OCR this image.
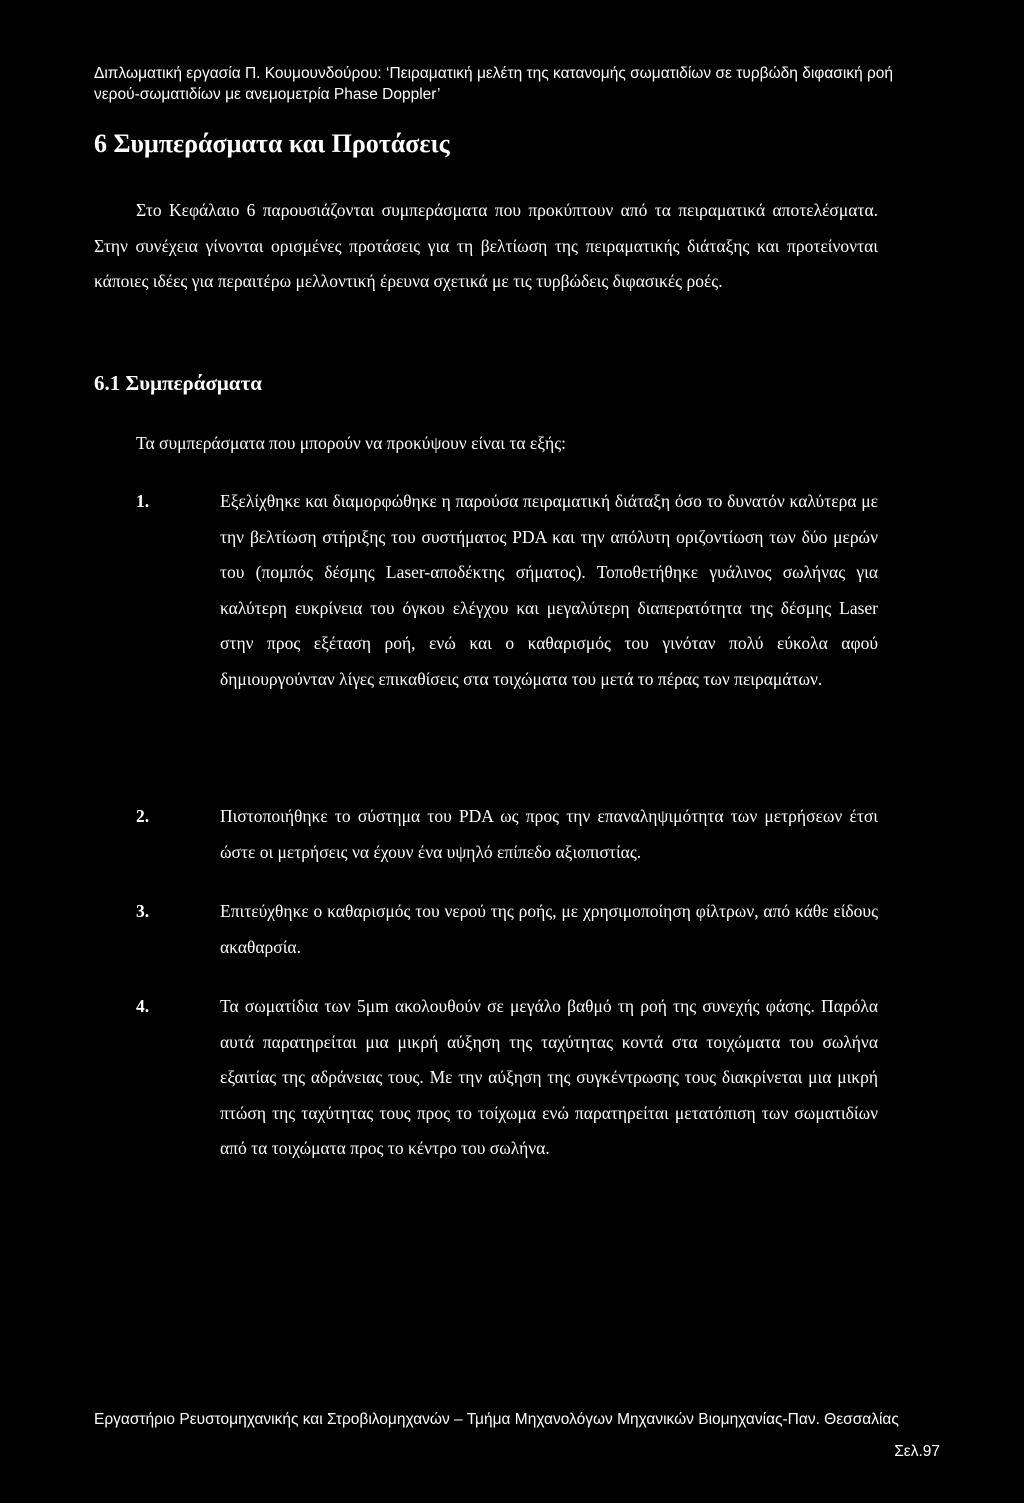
Διπλωματική εργασία Π. Κουμουνδούρου: ‘Πειραματική μελέτη της κατανομής σωματιδίων σε τυρβώδη διφασική ροή
νερού-σωματιδίων με ανεμομετρία Phase Doppler’
6 Συμπεράσματα και Προτάσεις

Στο Κεφάλαιο 6 παρουσιάζονται συμπεράσματα που προκύπτουν από τα πειραματικά αποτελέσματα. Στην συνέχεια γίνονται ορισμένες προτάσεις για τη βελτίωση της πειραματικής διάταξης και προτείνονται κάποιες ιδέες για περαιτέρω μελλοντική έρευνα σχετικά με τις τυρβώδεις διφασικές ροές.

6.1 Συμπεράσματα

Τα συμπεράσματα που μπορούν να προκύψουν είναι τα εξής:

1.	Εξελίχθηκε και διαμορφώθηκε η παρούσα πειραματική διάταξη όσο το δυνατόν καλύτερα με την βελτίωση στήριξης του συστήματος PDA και την απόλυτη οριζοντίωση των δύο μερών του (πομπός δέσμης Laser-αποδέκτης σήματος). Τοποθετήθηκε γυάλινος σωλήνας για καλύτερη ευκρίνεια του όγκου ελέγχου και μεγαλύτερη διαπερατότητα της δέσμης Laser στην προς εξέταση ροή, ενώ και ο καθαρισμός του γινόταν πολύ εύκολα αφού δημιουργούνταν λίγες επικαθίσεις στα τοιχώματα του μετά το πέρας των πειραμάτων.

2.	Πιστοποιήθηκε το σύστημα του PDA ως προς την επαναληψιμότητα των μετρήσεων έτσι ώστε οι μετρήσεις να έχουν ένα υψηλό επίπεδο αξιοπιστίας.

3.	Επιτεύχθηκε ο καθαρισμός του νερού της ροής, με χρησιμοποίηση φίλτρων, από κάθε είδους ακαθαρσία.

4.	Τα σωματίδια των 5μm ακολουθούν σε μεγάλο βαθμό τη ροή της συνεχής φάσης. Παρόλα αυτά παρατηρείται μια μικρή αύξηση της ταχύτητας κοντά στα τοιχώματα του σωλήνα εξαιτίας της αδράνειας τους. Με την αύξηση της συγκέντρωσης τους διακρίνεται μια μικρή πτώση της ταχύτητας τους προς το τοίχωμα ενώ παρατηρείται μετατόπιση των σωματιδίων από τα τοιχώματα προς το κέντρο του σωλήνα.

Εργαστήριο Ρευστομηχανικής και Στροβιλομηχανών – Τμήμα Μηχανολόγων Μηχανικών Βιομηχανίας-Παν. Θεσσαλίας
Σελ.97
